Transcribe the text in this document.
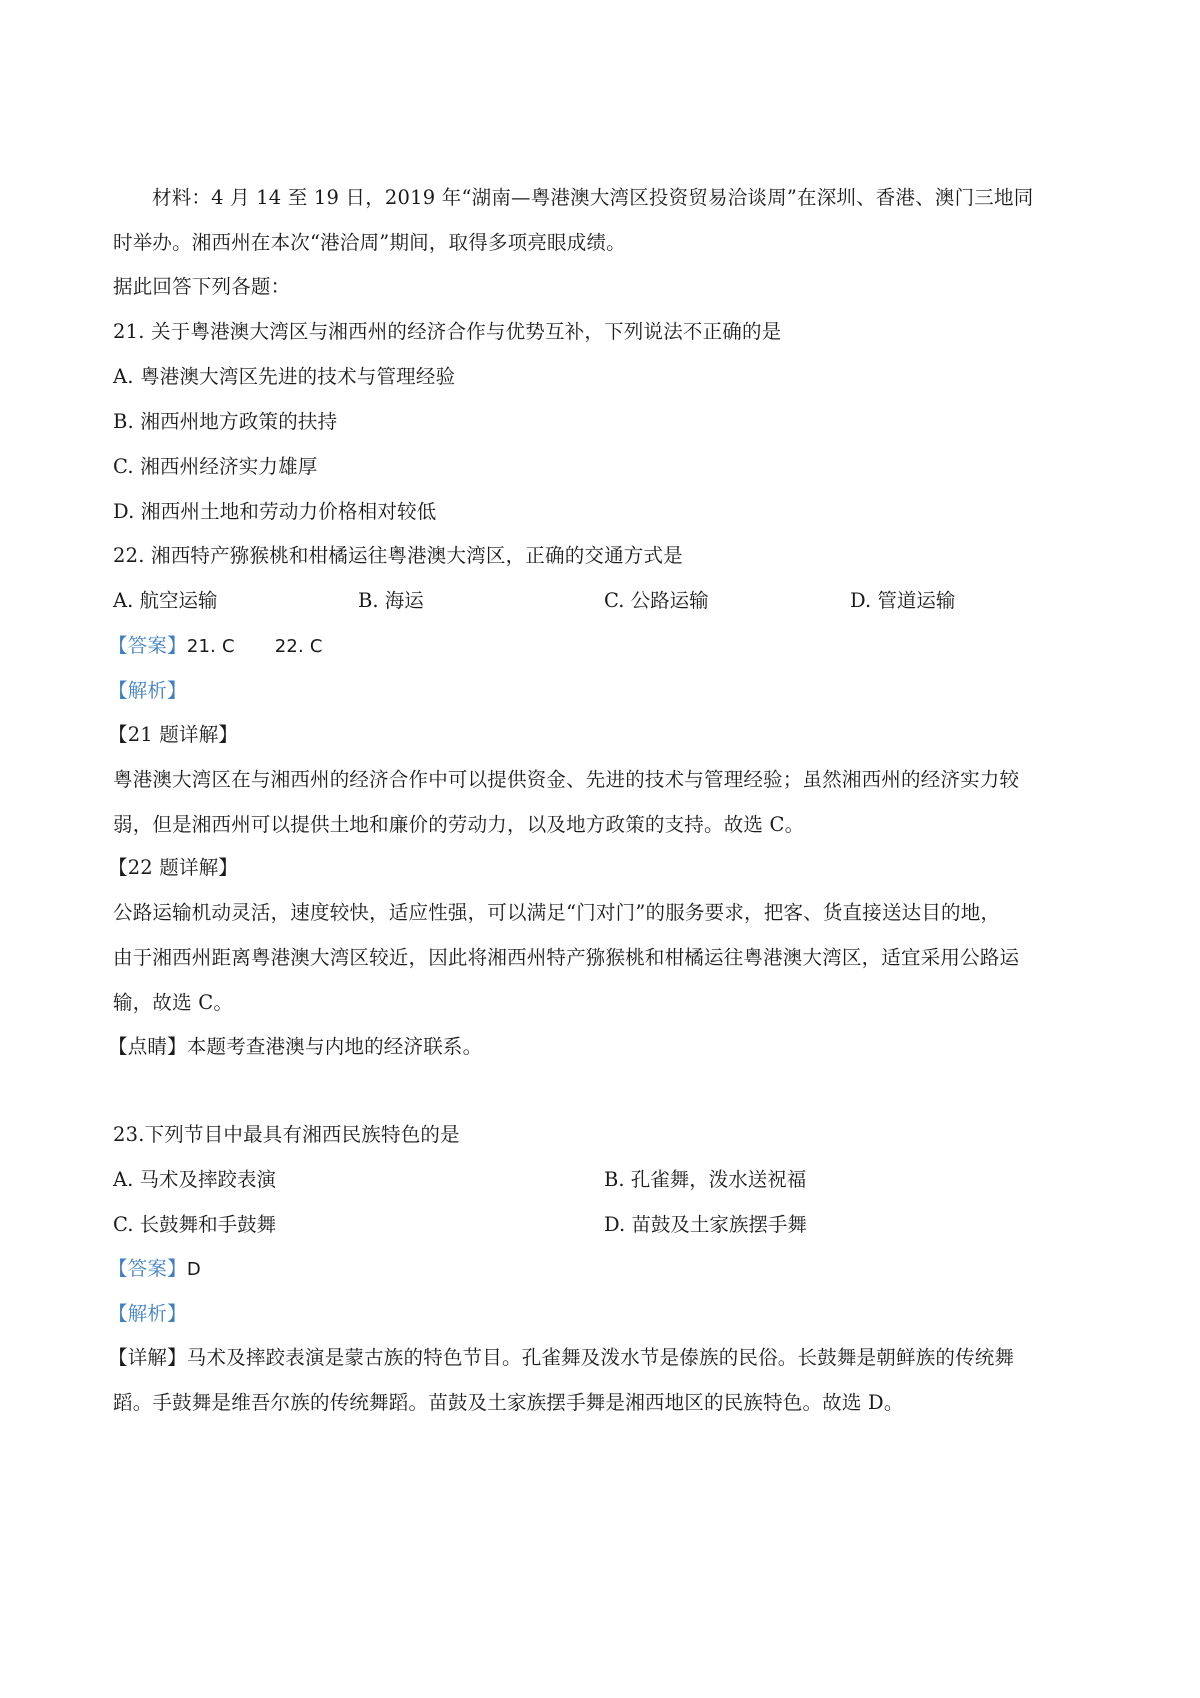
材料：4 月 14 至 19 日，2019 年“湖南—粤港澳大湾区投资贸易洽谈周”在深圳、香港、澳门三地同
时举办。湘西州在本次“港洽周”期间，取得多项亮眼成绩。
据此回答下列各题：
21. 关于粤港澳大湾区与湘西州的经济合作与优势互补，下列说法不正确的是
A. 粤港澳大湾区先进的技术与管理经验
B. 湘西州地方政策的扶持
C. 湘西州经济实力雄厚
D. 湘西州土地和劳动力价格相对较低
22. 湘西特产猕猴桃和柑橘运往粤港澳大湾区，正确的交通方式是
A. 航空运输	B. 海运	C. 公路运输	D. 管道运输
【答案】21. C 22. C
【解析】
【21 题详解】
粤港澳大湾区在与湘西州的经济合作中可以提供资金、先进的技术与管理经验；虽然湘西州的经济实力较
弱，但是湘西州可以提供土地和廉价的劳动力，以及地方政策的支持。故选 C。
【22 题详解】
公路运输机动灵活，速度较快，适应性强，可以满足“门对门”的服务要求，把客、货直接送达目的地，
由于湘西州距离粤港澳大湾区较近，因此将湘西州特产猕猴桃和柑橘运往粤港澳大湾区，适宜采用公路运
输，故选 C。
【点睛】本题考查港澳与内地的经济联系。
23.下列节目中最具有湘西民族特色的是
A. 马术及摔跤表演	B. 孔雀舞，泼水送祝福
C. 长鼓舞和手鼓舞	D. 苗鼓及土家族摆手舞
【答案】D
【解析】
【详解】马术及摔跤表演是蒙古族的特色节目。孔雀舞及泼水节是傣族的民俗。长鼓舞是朝鲜族的传统舞
蹈。手鼓舞是维吾尔族的传统舞蹈。苗鼓及土家族摆手舞是湘西地区的民族特色。故选 D。
